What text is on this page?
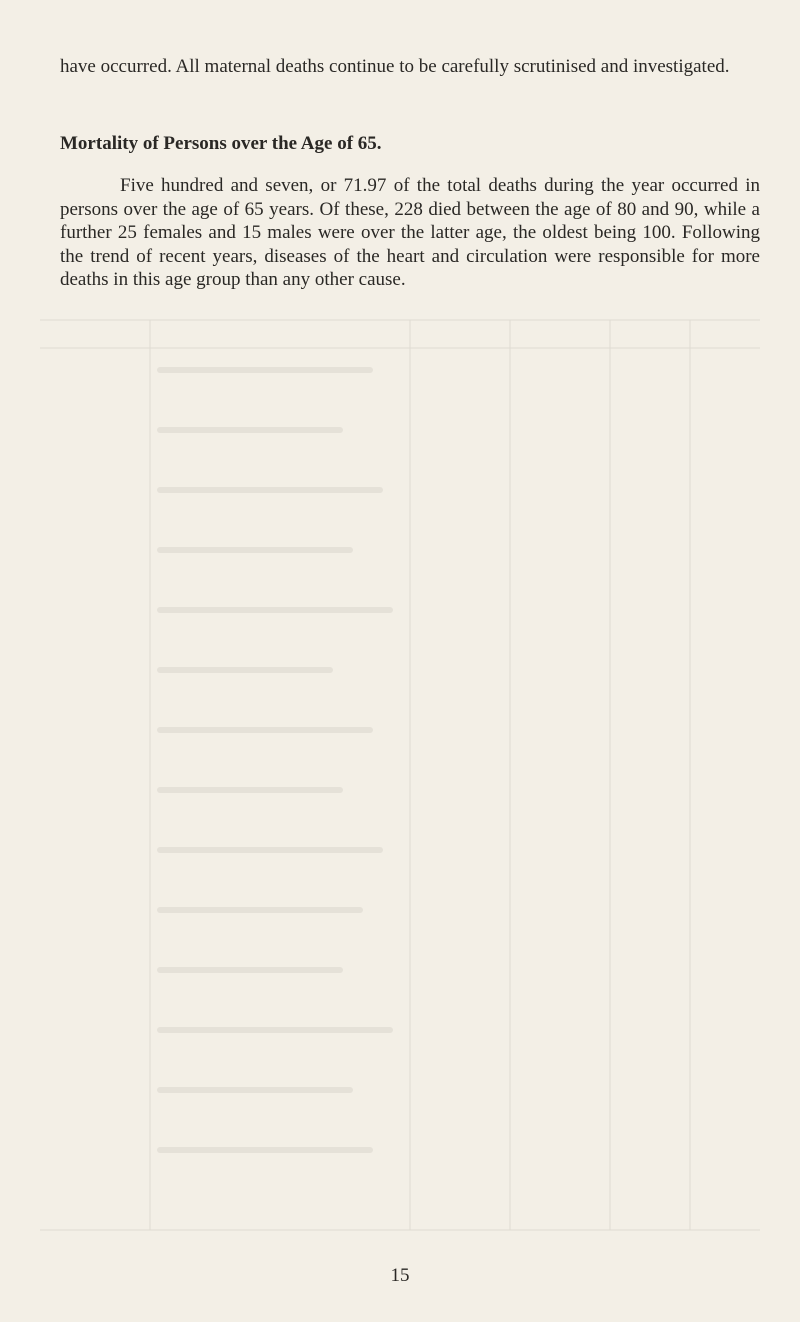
have occurred. All maternal deaths continue to be carefully scrutinised and investigated.

Mortality of Persons over the Age of 65.

Five hundred and seven, or 71.97 of the total deaths during the year occurred in persons over the age of 65 years. Of these, 228 died between the age of 80 and 90, while a further 25 females and 15 males were over the latter age, the oldest being 100. Following the trend of recent years, diseases of the heart and circulation were responsible for more deaths in this age group than any other cause.

15
